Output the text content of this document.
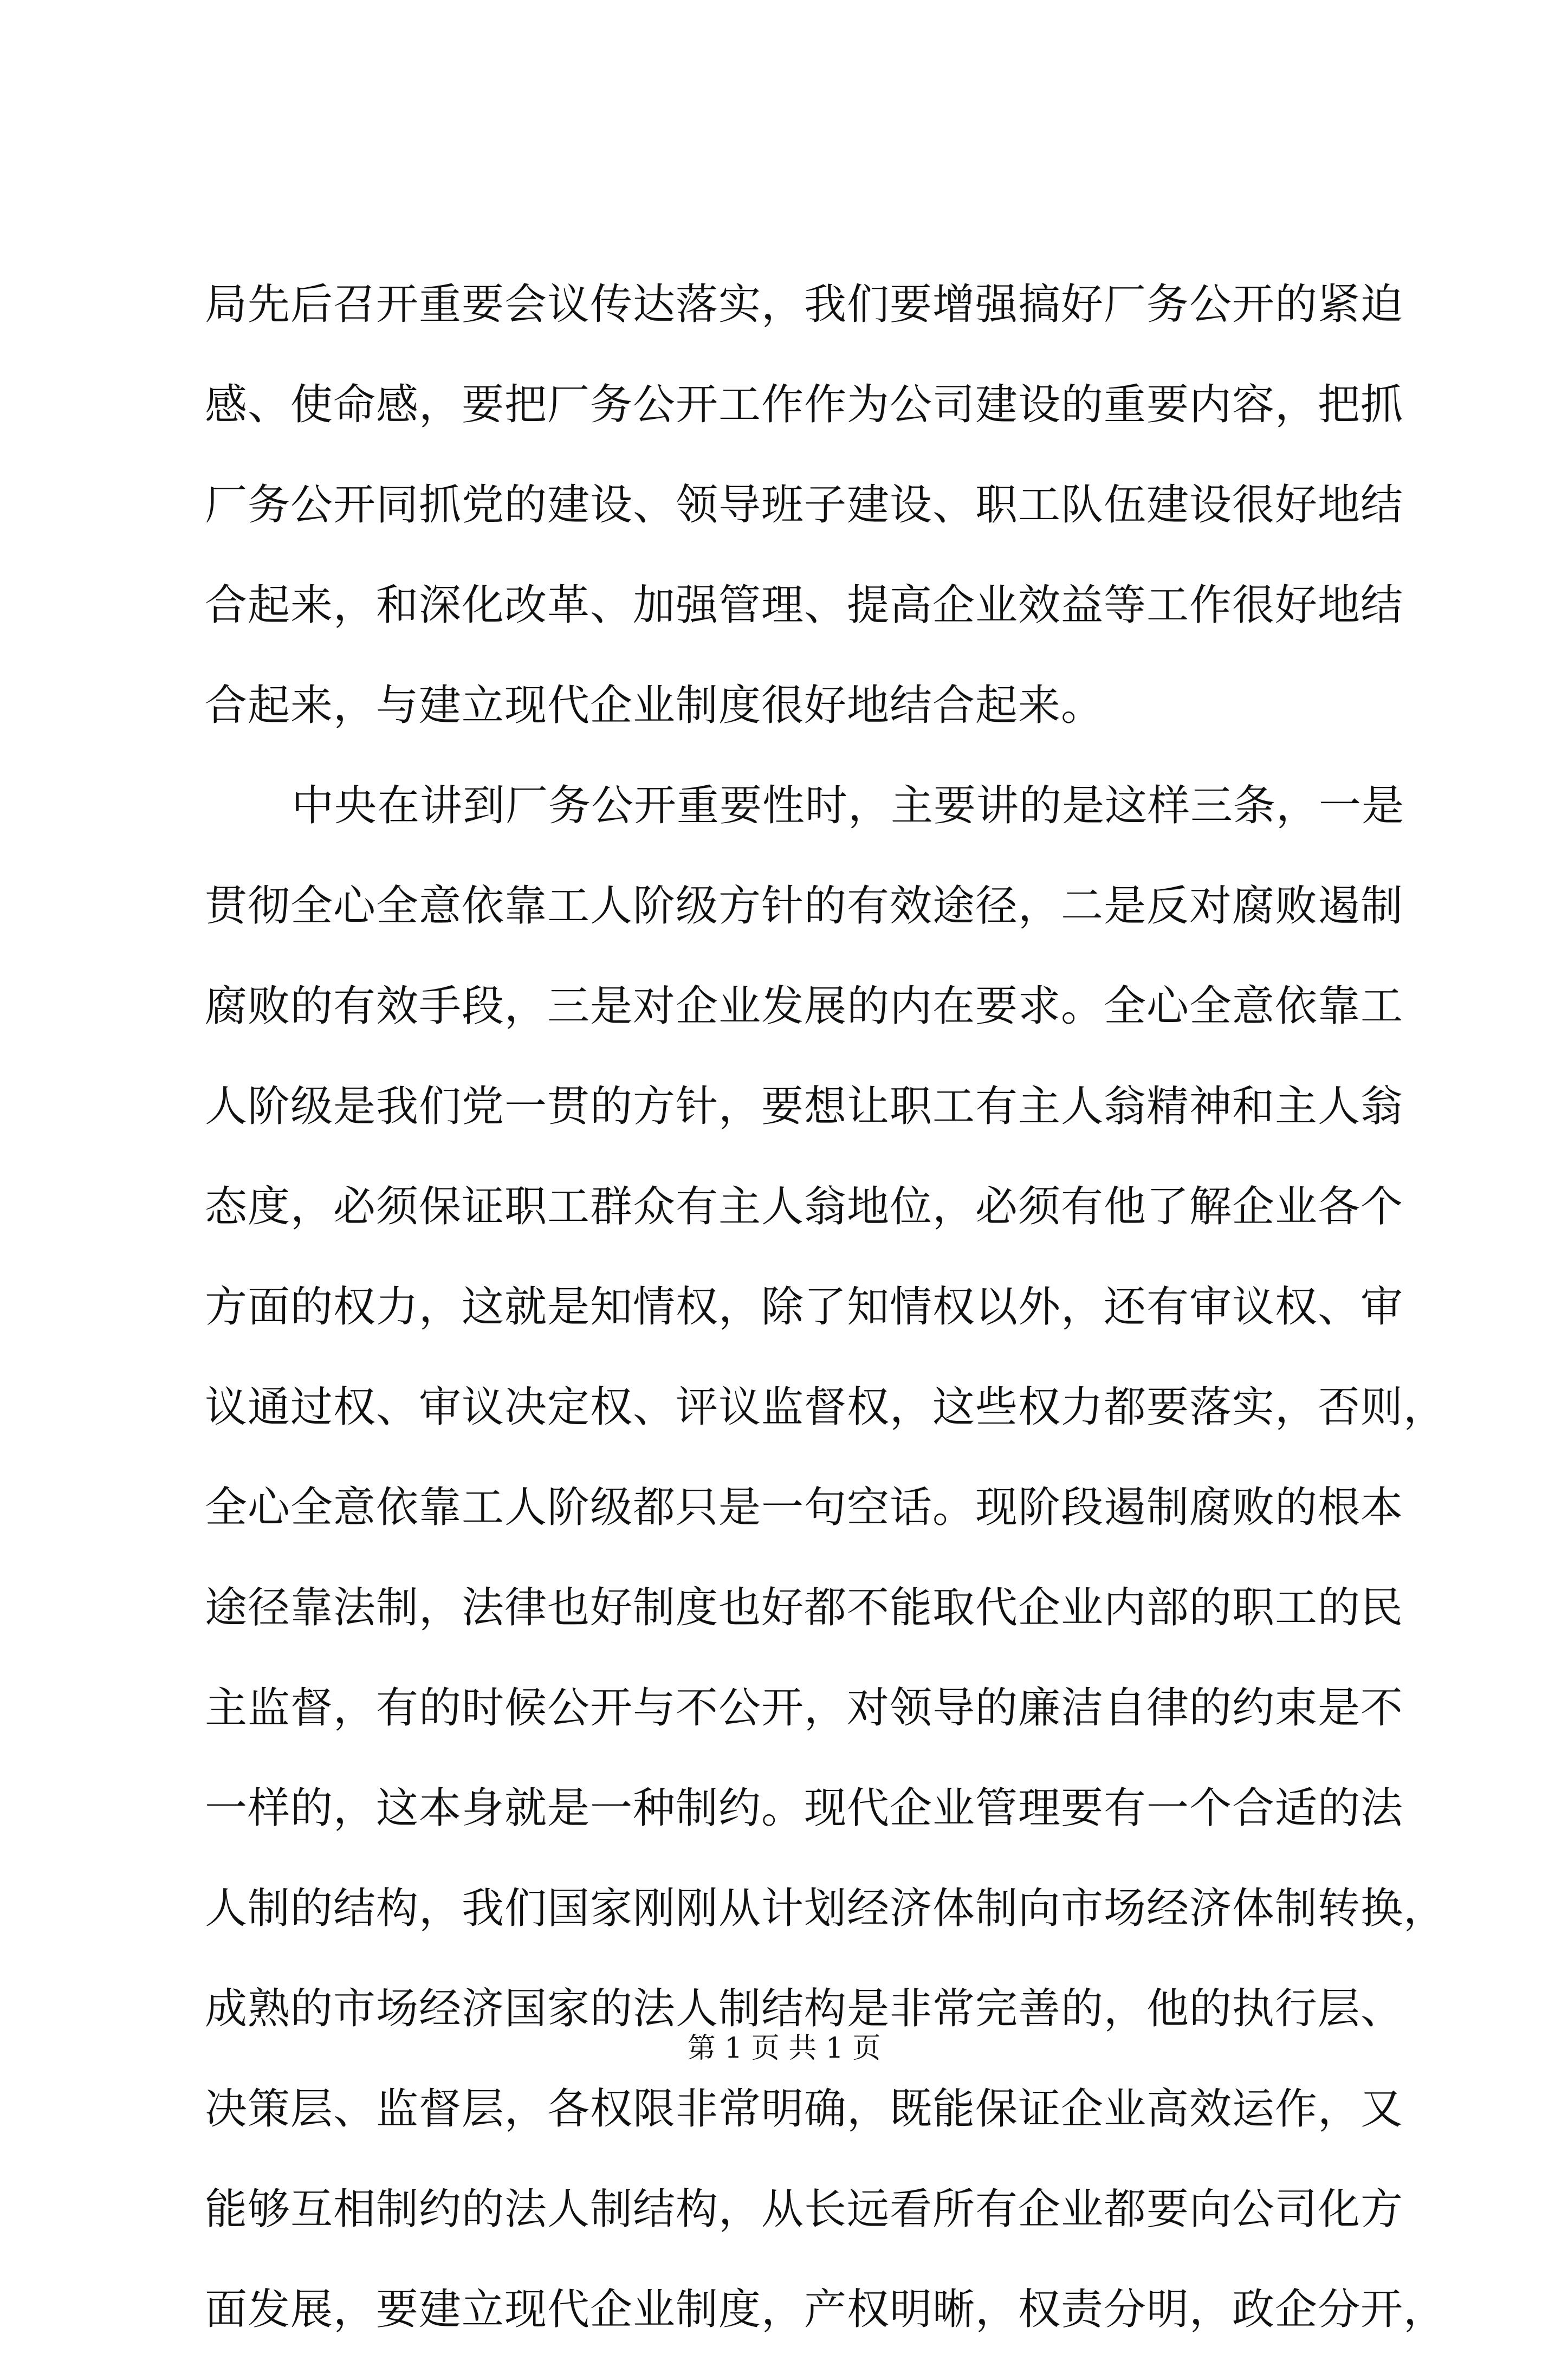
局先后召开重要会议传达落实，我们要增强搞好厂务公开的紧迫
感、使命感，要把厂务公开工作作为公司建设的重要内容，把抓
厂务公开同抓党的建设、领导班子建设、职工队伍建设很好地结
合起来，和深化改革、加强管理、提高企业效益等工作很好地结
合起来，与建立现代企业制度很好地结合起来。
中央在讲到厂务公开重要性时，主要讲的是这样三条，一是
贯彻全心全意依靠工人阶级方针的有效途径，二是反对腐败遏制
腐败的有效手段，三是对企业发展的内在要求。全心全意依靠工
人阶级是我们党一贯的方针，要想让职工有主人翁精神和主人翁
态度，必须保证职工群众有主人翁地位，必须有他了解企业各个
方面的权力，这就是知情权，除了知情权以外，还有审议权、审
议通过权、审议决定权、评议监督权，这些权力都要落实，否则，
全心全意依靠工人阶级都只是一句空话。现阶段遏制腐败的根本
途径靠法制，法律也好制度也好都不能取代企业内部的职工的民
主监督，有的时候公开与不公开，对领导的廉洁自律的约束是不
一样的，这本身就是一种制约。现代企业管理要有一个合适的法
人制的结构，我们国家刚刚从计划经济体制向市场经济体制转换，
成熟的市场经济国家的法人制结构是非常完善的，他的执行层、
决策层、监督层，各权限非常明确，既能保证企业高效运作，又
能够互相制约的法人制结构，从长远看所有企业都要向公司化方
面发展，要建立现代企业制度，产权明晰，权责分明，政企分开，
第 1 页 共 1 页
